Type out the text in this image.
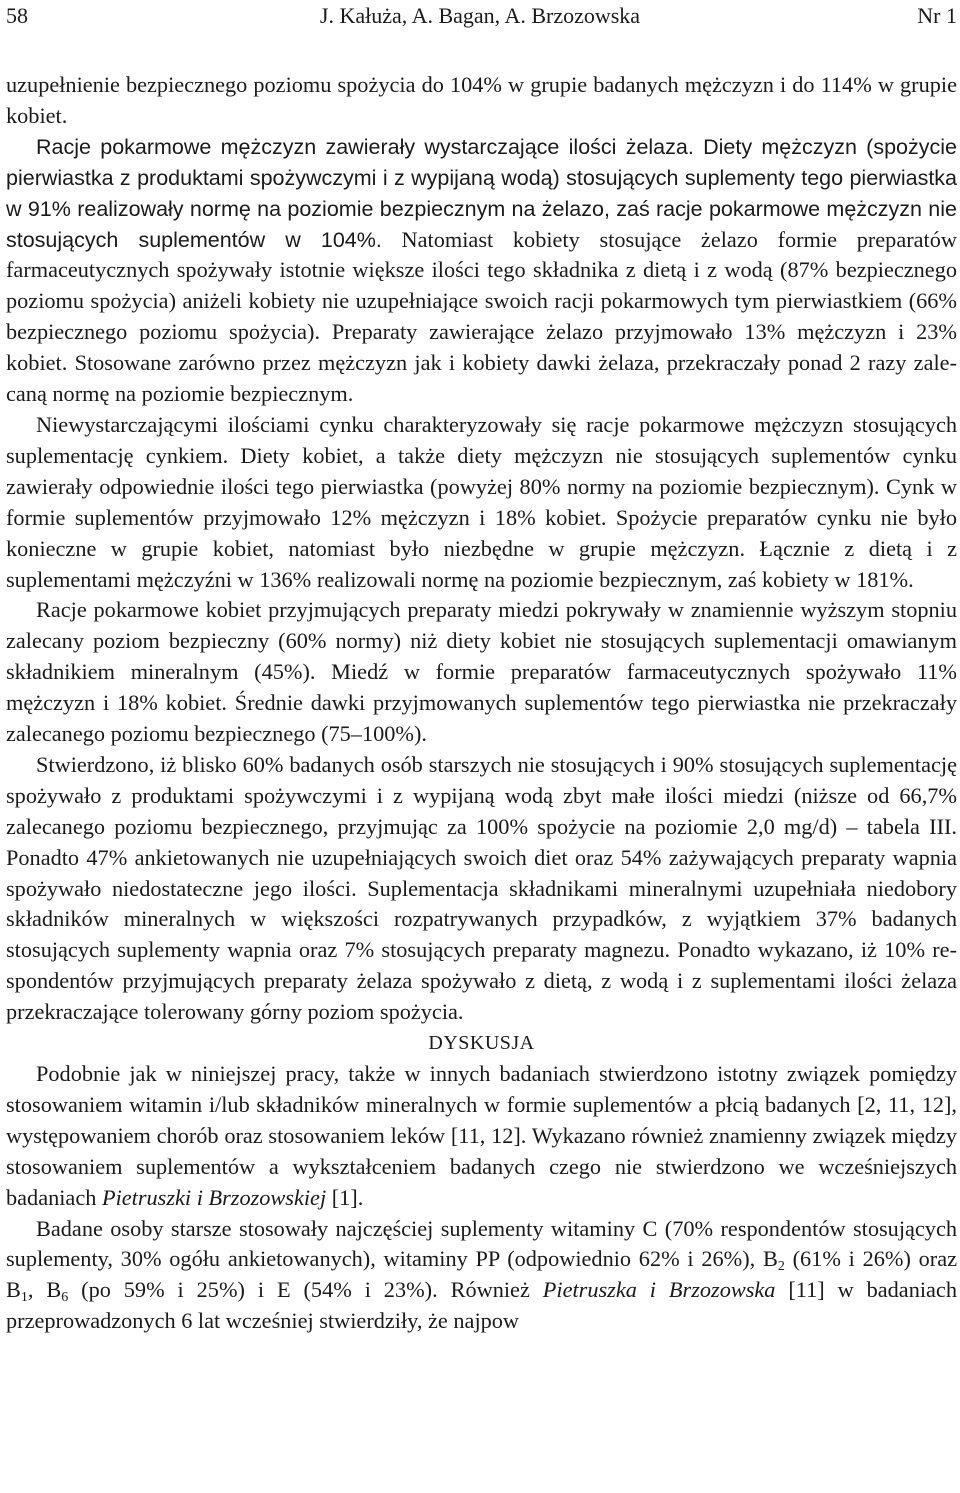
58	J. Kałuża, A. Bagan, A. Brzozowska	Nr 1

uzupełnienie bezpiecznego poziomu spożycia do 104% w grupie badanych mężczyzn i do 114% w grupie kobiet.

Racje pokarmowe mężczyzn zawierały wystarczające ilości żelaza. Diety mężczyzn (spożycie pierwiastka z produktami spożywczymi i z wypijaną wodą) stosujących suplementy tego pierwiastka w 91% realizowały normę na poziomie bezpiecznym na żelazo, zaś racje pokarmowe mężczyzn nie stosujących suplementów w 104%. Natomiast kobiety stosujące żelazo formie preparatów farmaceutycznych spożywały istotnie większe ilości tego składnika z dietą i z wodą (87% bezpiecznego poziomu spożycia) aniżeli kobiety nie uzupełniające swoich racji pokarmowych tym pierwiastkiem (66% bezpiecznego poziomu spożycia). Preparaty zawierające żelazo przyjmowało 13% mężczyzn i 23% kobiet. Stosowane zarówno przez mężczyzn jak i kobiety dawki żelaza, przekraczały ponad 2 razy zalecaną normę na poziomie bezpiecznym.

Niewystarczającymi ilościami cynku charakteryzowały się racje pokarmowe mężczyzn stosujących suplementację cynkiem. Diety kobiet, a także diety mężczyzn nie stosujących suplementów cynku zawierały odpowiednie ilości tego pierwiastka (powyżej 80% normy na poziomie bezpiecznym). Cynk w formie suplementów przyjmowało 12% mężczyzn i 18% kobiet. Spożycie preparatów cynku nie było konieczne w grupie kobiet, natomiast było niezbędne w grupie mężczyzn. Łącznie z dietą i z suplementami mężczyźni w 136% realizowali normę na poziomie bezpiecznym, zaś kobiety w 181%.

Racje pokarmowe kobiet przyjmujących preparaty miedzi pokrywały w znamiennie wyższym stopniu zalecany poziom bezpieczny (60% normy) niż diety kobiet nie stosujących suplementacji omawianym składnikiem mineralnym (45%). Miedź w formie preparatów farmaceutycznych spożywało 11% mężczyzn i 18% kobiet. Średnie dawki przyjmowanych suplementów tego pierwiastka nie przekraczały zalecanego poziomu bezpiecznego (75–100%).

Stwierdzono, iż blisko 60% badanych osób starszych nie stosujących i 90% stosujących suplementację spożywało z produktami spożywczymi i z wypijaną wodą zbyt małe ilości miedzi (niższe od 66,7% zalecanego poziomu bezpiecznego, przyjmując za 100% spożycie na poziomie 2,0 mg/d) – tabela III. Ponadto 47% ankietowanych nie uzupełniających swoich diet oraz 54% zażywających preparaty wapnia spożywało niedostateczne jego ilości. Suplementacja składnikami mineralnymi uzupełniała niedobory składników mineralnych w większości rozpatrywanych przypadków, z wyjątkiem 37% badanych stosujących suplementy wapnia oraz 7% stosujących preparaty magnezu. Ponadto wykazano, iż 10% respondentów przyjmujących preparaty żelaza spożywało z dietą, z wodą i z suplementami ilości żelaza przekraczające tolerowany górny poziom spożycia.

DYSKUSJA

Podobnie jak w niniejszej pracy, także w innych badaniach stwierdzono istotny związek pomiędzy stosowaniem witamin i/lub składników mineralnych w formie suplementów a płcią badanych [2, 11, 12], występowaniem chorób oraz stosowaniem leków [11, 12]. Wykazano również znamienny związek między stosowaniem suplementów a wykształceniem badanych czego nie stwierdzono we wcześniejszych badaniach Pietruszki i Brzozowskiej [1].

Badane osoby starsze stosowały najczęściej suplementy witaminy C (70% respondentów stosujących suplementy, 30% ogółu ankietowanych), witaminy PP (odpowiednio 62% i 26%), $B_2$ (61% i 26%) oraz $B_1$, $B_6$ (po 59% i 25%) i E (54% i 23%). Również Pietruszka i Brzozowska [11] w badaniach przeprowadzonych 6 lat wcześniej stwierdziły, że najpow
